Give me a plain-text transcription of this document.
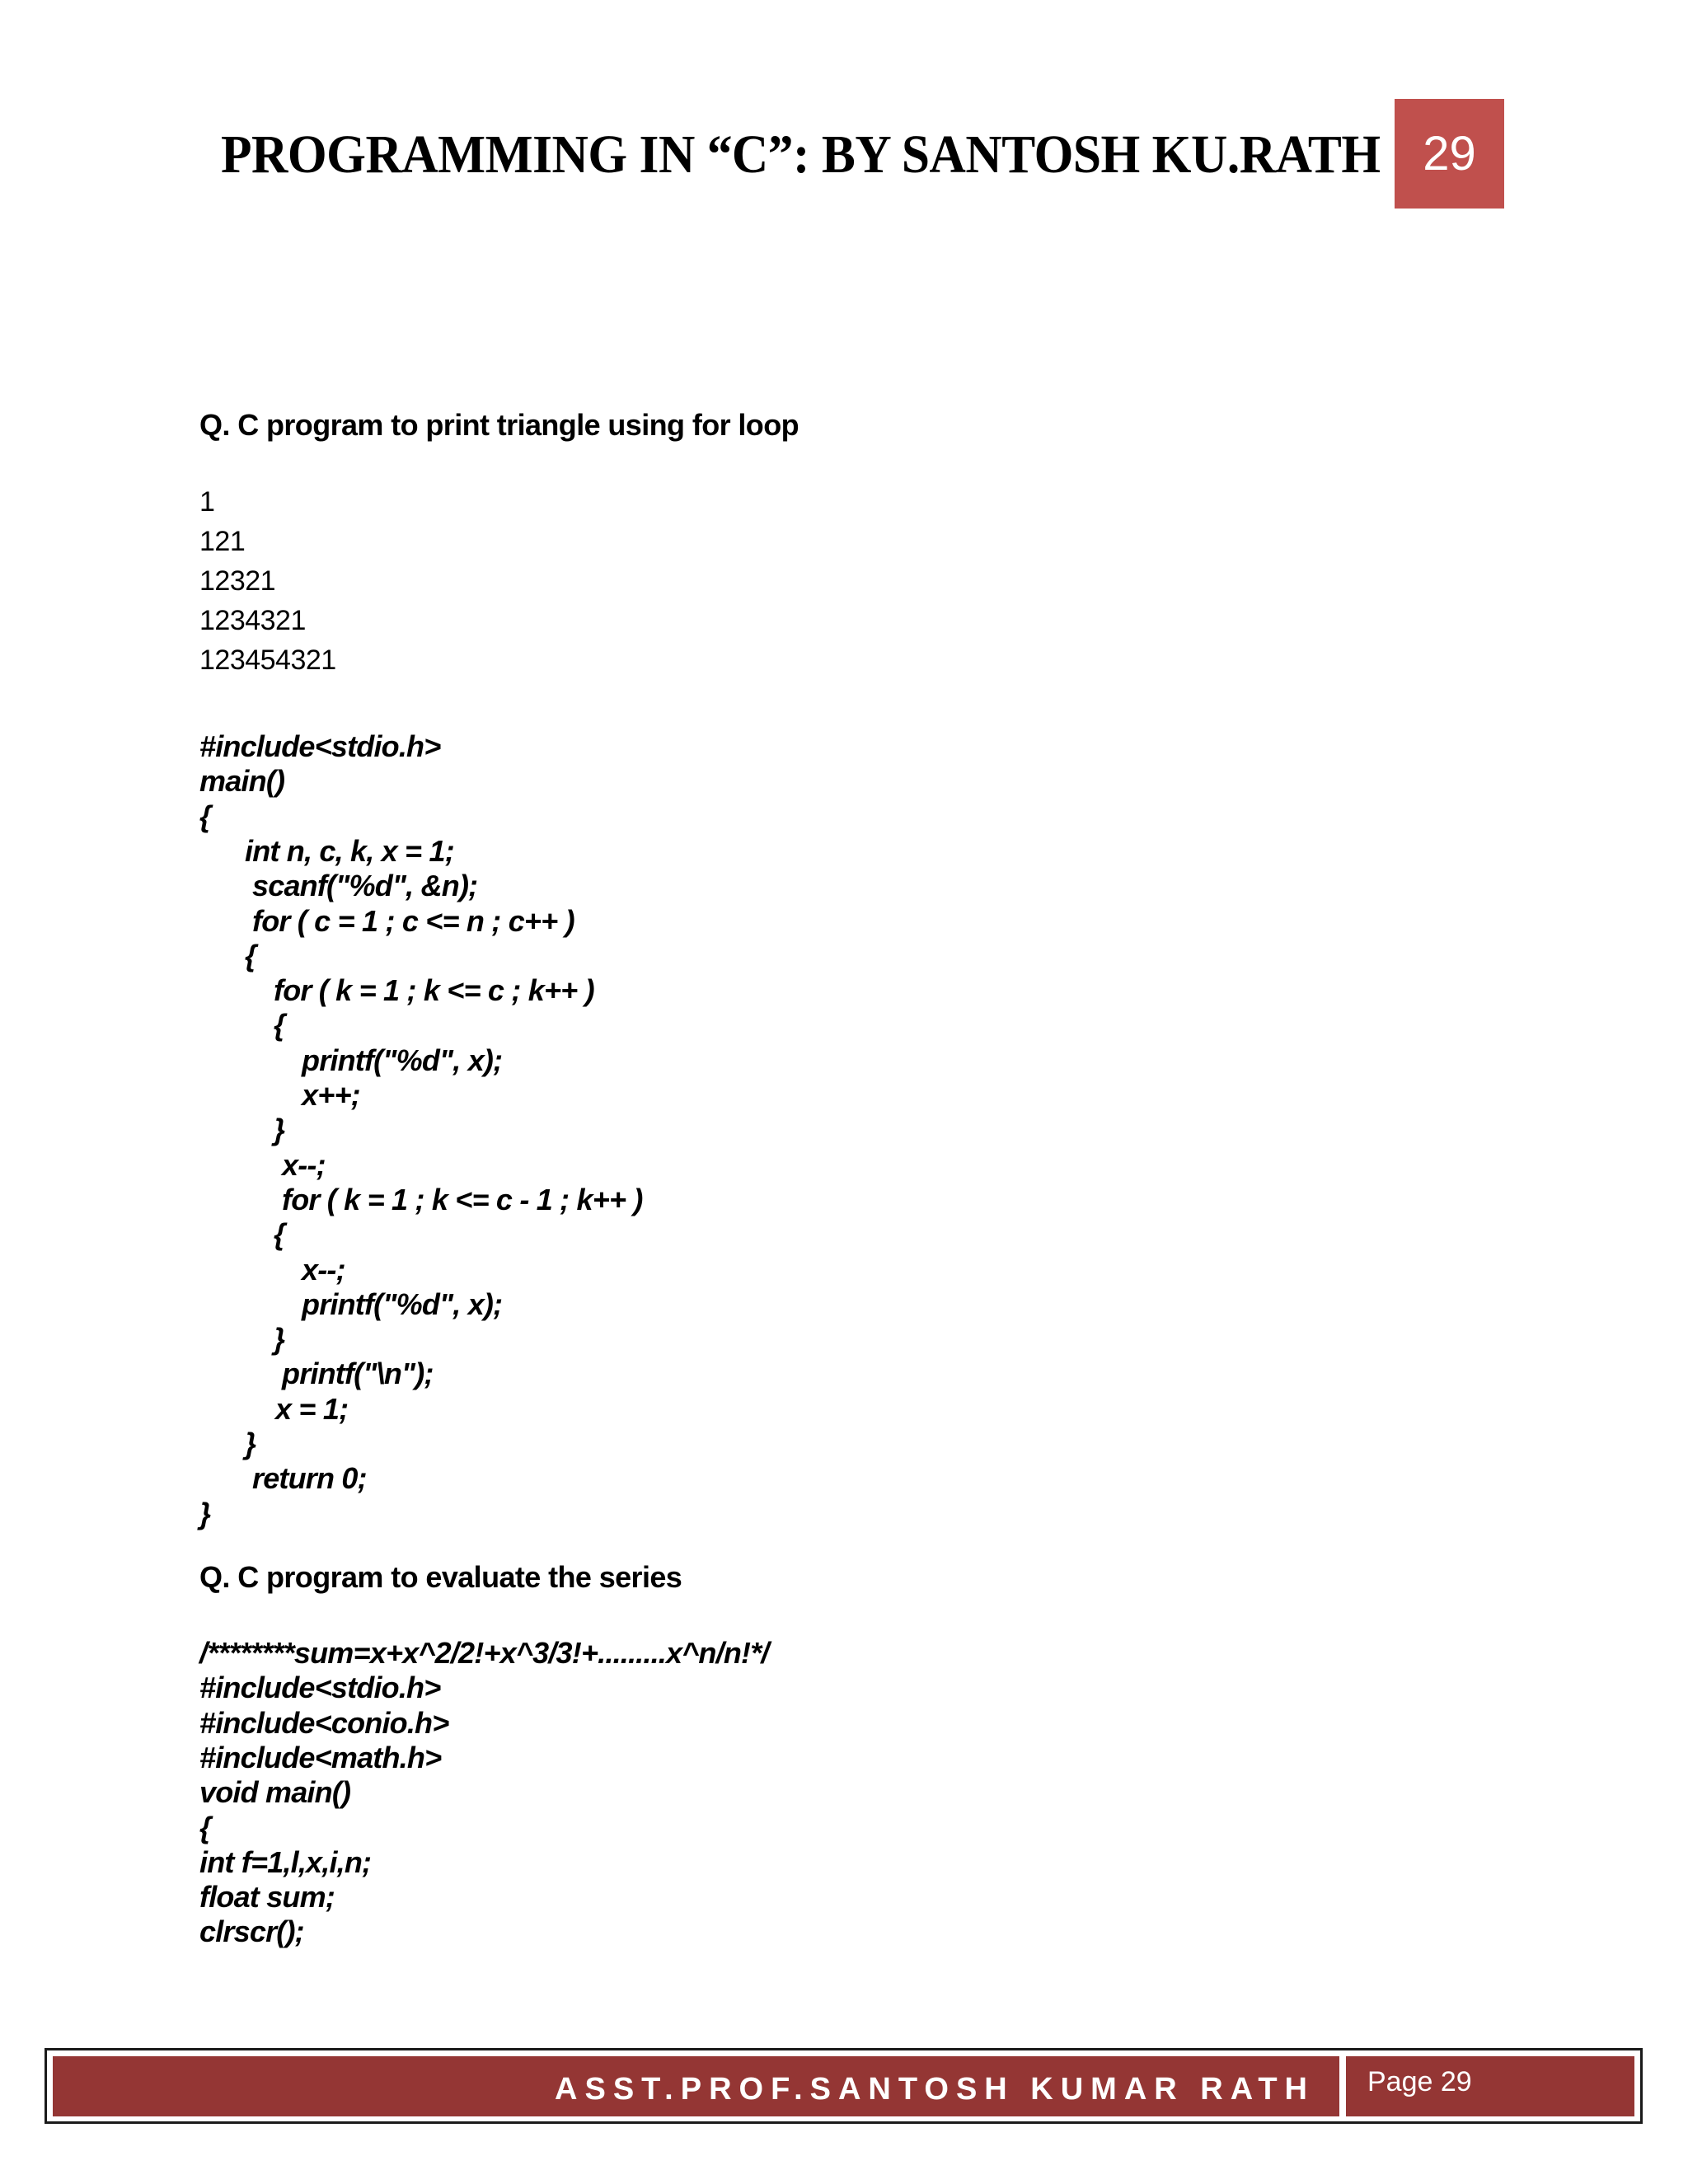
PROGRAMMING IN “C”: BY SANTOSH KU.RATH 29
Q. C program to print triangle using for loop
1
121
12321
1234321
123454321
#include<stdio.h>
main()
{
int n, c, k, x = 1;
scanf("%d", &n);
for ( c = 1 ; c <= n ; c++ )
{
for ( k = 1 ; k <= c ; k++ )
{
printf("%d", x);
x++;
}
x--;
for ( k = 1 ; k <= c - 1 ; k++ )
{
x--;
printf("%d", x);
}
printf("\n");
x = 1;
}
return 0;
}
Q. C program to evaluate the series
/********sum=x+x^2/2!+x^3/3!+.........x^n/n!*/
#include<stdio.h>
#include<conio.h>
#include<math.h>
void main()
{
int f=1,l,x,i,n;
float sum;
clrscr();
ASST.PROF.SANTOSH KUMAR RATH	Page 29
